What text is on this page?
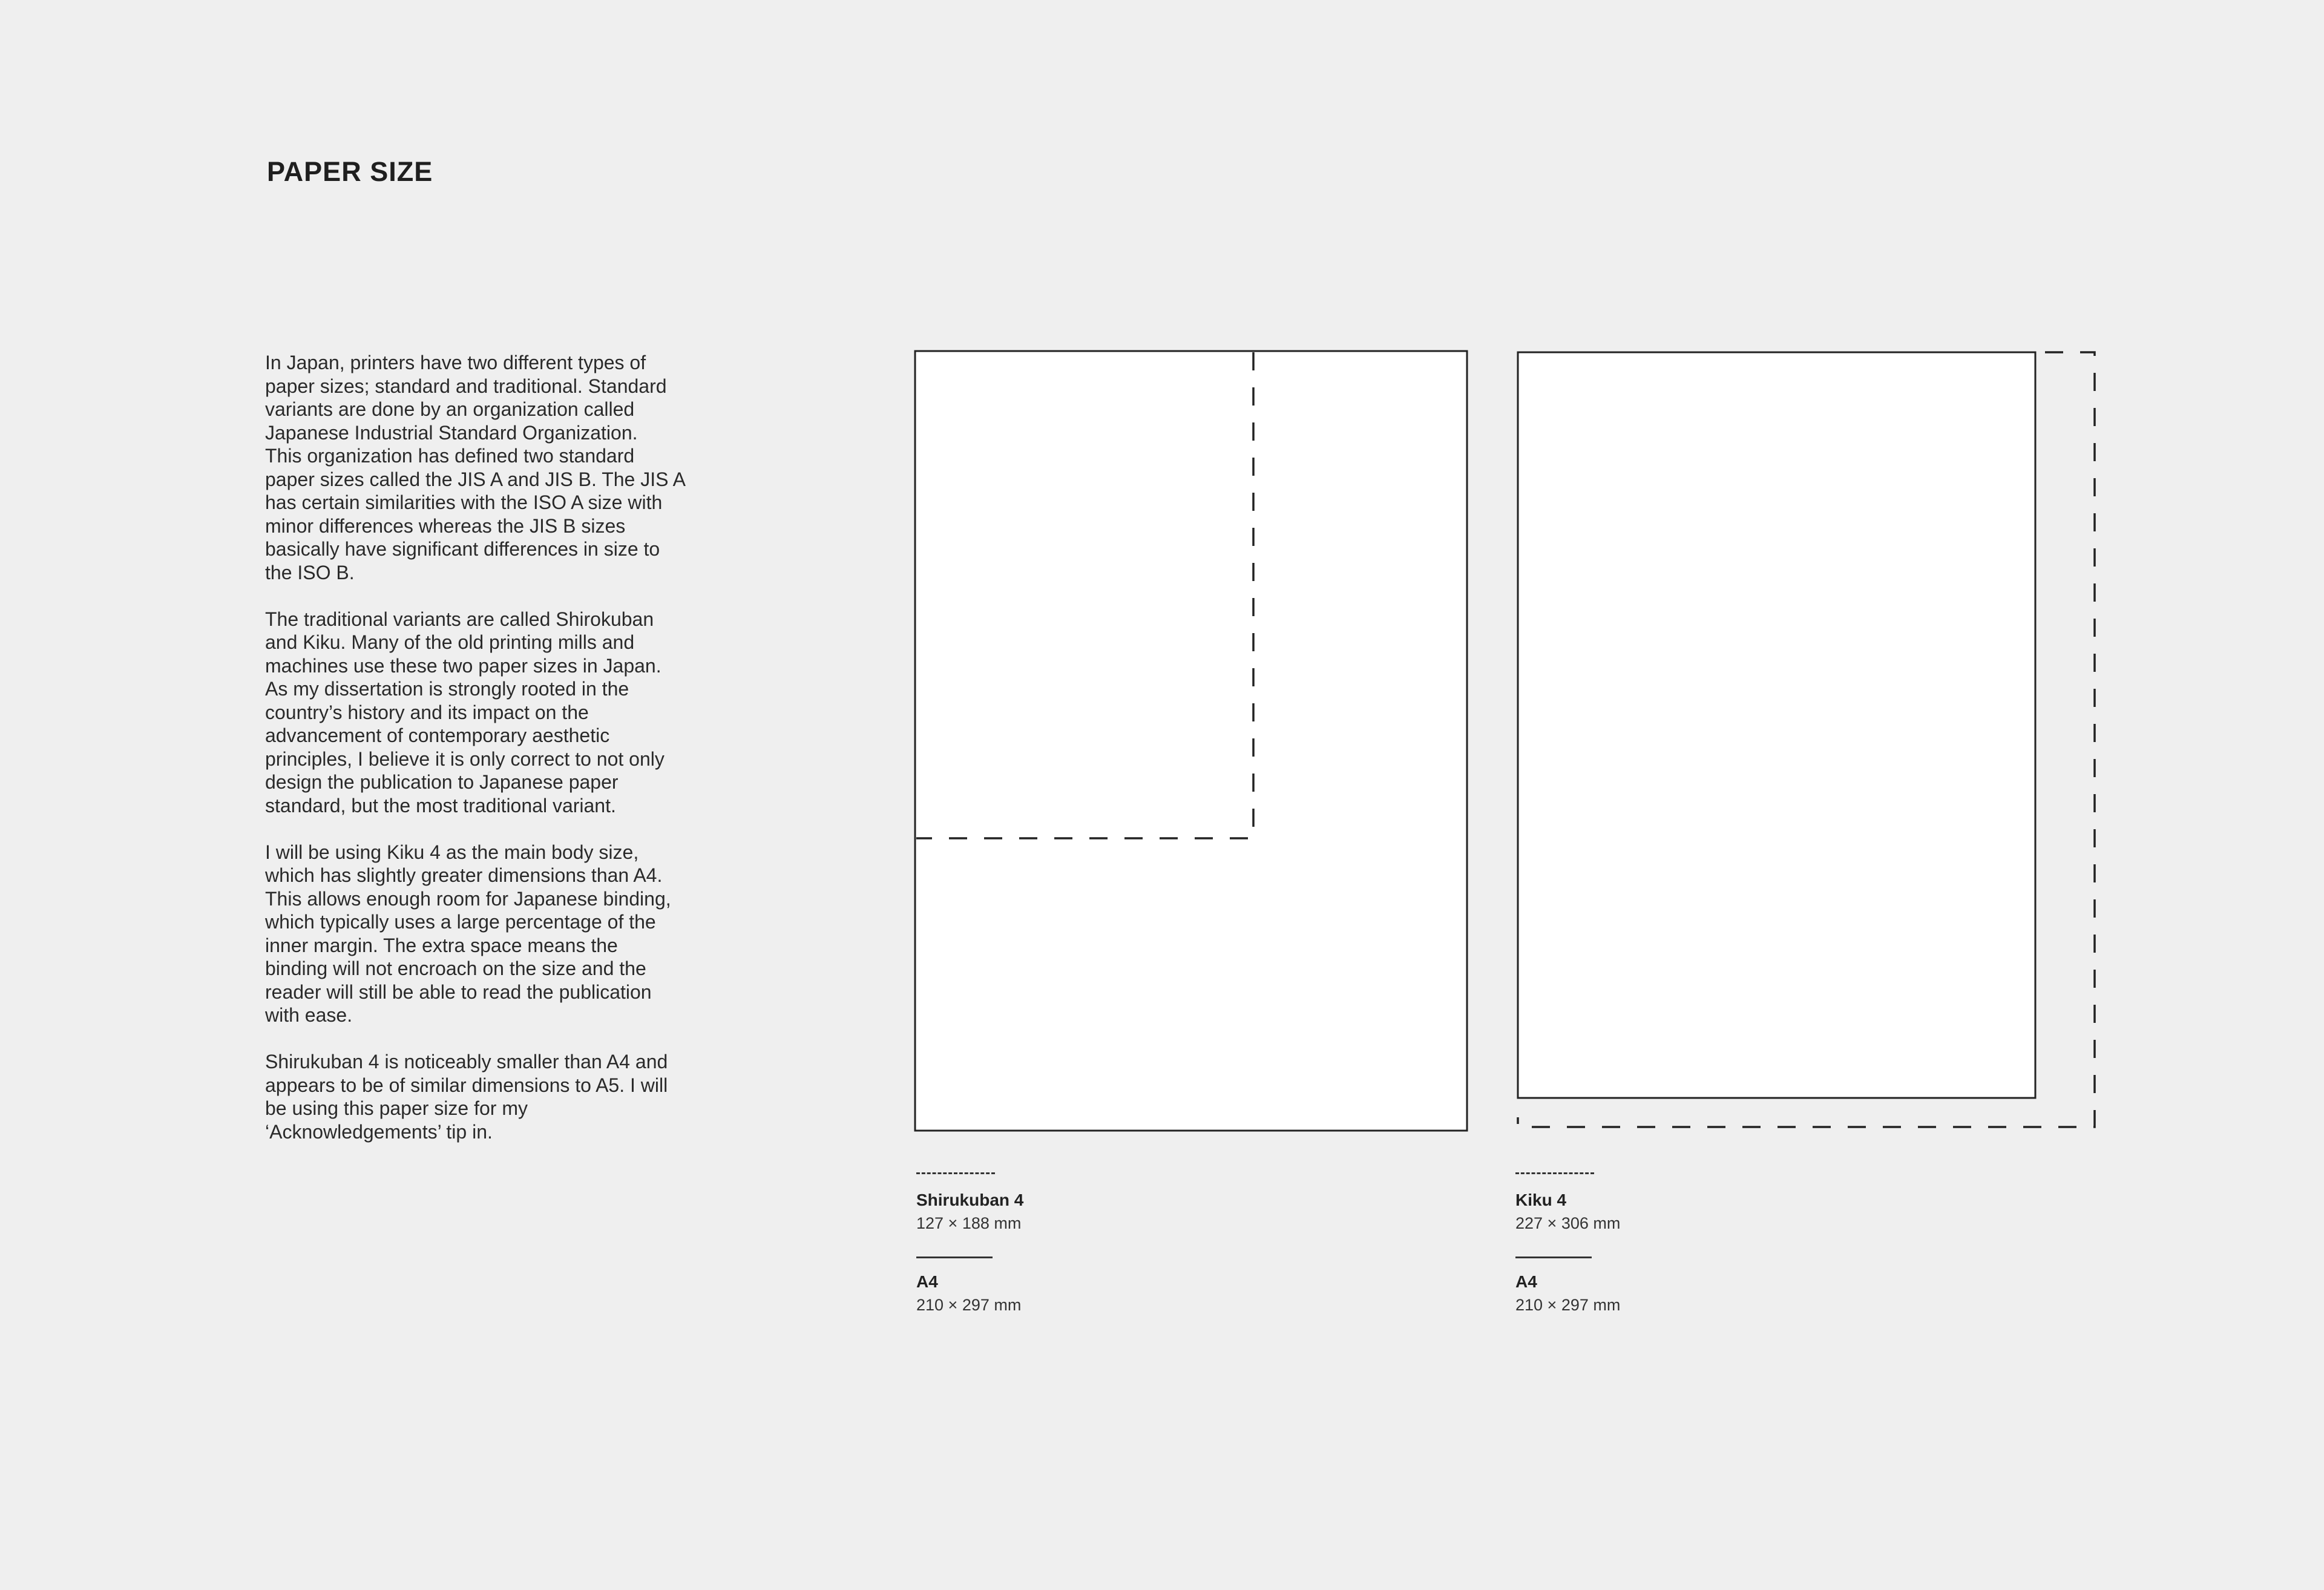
PAPER SIZE

In Japan, printers have two different types of
paper sizes; standard and traditional. Standard
variants are done by an organization called
Japanese Industrial Standard Organization.
This organization has defined two standard
paper sizes called the JIS A and JIS B. The JIS A
has certain similarities with the ISO A size with
minor differences whereas the JIS B sizes
basically have significant differences in size to
the ISO B.

The traditional variants are called Shirokuban
and Kiku. Many of the old printing mills and
machines use these two paper sizes in Japan.
As my dissertation is strongly rooted in the
country’s history and its impact on the
advancement of contemporary aesthetic
principles, I believe it is only correct to not only
design the publication to Japanese paper
standard, but the most traditional variant.

I will be using Kiku 4 as the main body size,
which has slightly greater dimensions than A4.
This allows enough room for Japanese binding,
which typically uses a large percentage of the
inner margin. The extra space means the
binding will not encroach on the size and the
reader will still be able to read the publication
with ease.

Shirukuban 4 is noticeably smaller than A4 and
appears to be of similar dimensions to A5. I will
be using this paper size for my
‘Acknowledgements’ tip in.

Shirukuban 4
127 × 188 mm
A4
210 × 297 mm
Kiku 4
227 × 306 mm
A4
210 × 297 mm
